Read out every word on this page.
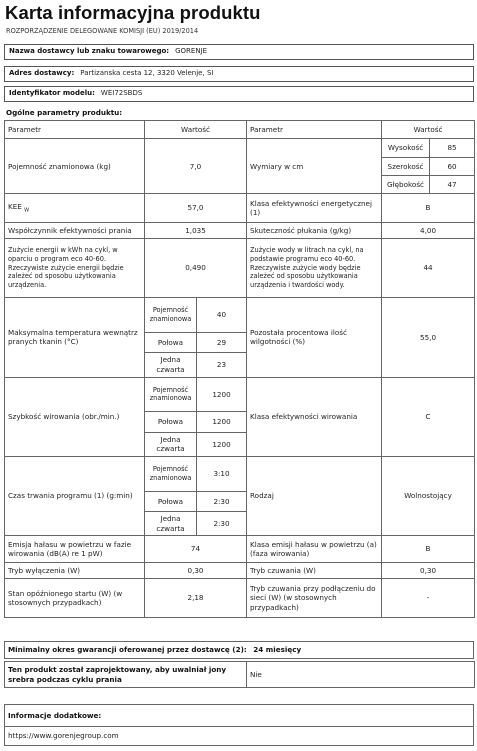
Karta informacyjna produktu
ROZPORZĄDZENIE DELEGOWANE KOMISJI (EU) 2019/2014
Nazwa dostawcy lub znaku towarowego: GORENJE
Adres dostawcy: Partizanska cesta 12, 3320 Velenje, SI
Identyfikator modelu: WEI72SBDS
Ogólne parametry produktu:
Parametr	Wartość		Parametr	Wartość	
Pojemność znamionowa (kg)	7,0		Wymiary w cm	Wysokość	85
				Szerokość	60
				Głębokość	47
KEE $_W$	57,0		Klasa efektywności energetycznej (1)	B	
Współczynnik efektywności prania	1,035		Skuteczność płukania (g/kg)	4,00	
Zużycie energii w kWh na cykl, w oparciu o program eco 40-60. Rzeczywiste zużycie energii będzie zależeć od sposobu użytkowania urządzenia.	0,490		Zużycie wody w litrach na cykl, na podstawie programu eco 40-60. Rzeczywiste zużycie wody będzie zależeć od sposobu użytkowania urządzenia i twardości wody.	44	
Maksymalna temperatura wewnątrz pranych tkanin (°C)	Pojemność znamionowa	40	Pozostała procentowa ilość wilgotności (%)	55,0	
	Połowa	29			
	Jedna czwarta	23			
Szybkość wirowania (obr./min.)	Pojemność znamionowa	1200	Klasa efektywności wirowania	C	
	Połowa	1200			
	Jedna czwarta	1200			
Czas trwania programu (1) (g:min)	Pojemność znamionowa	3:10	Rodzaj	Wolnostojący	
	Połowa	2:30			
	Jedna czwarta	2:30			
Emisja hałasu w powietrzu w fazie wirowania (dB(A) re 1 pW)	74		Klasa emisji hałasu w powietrzu (a) (faza wirowania)	B	
Tryb wyłączenia (W)	0,30		Tryb czuwania (W)	0,30	
Stan opóźnionego startu (W) (w stosownych przypadkach)	2,18		Tryb czuwania przy podłączeniu do sieci (W) (w stosownych przypadkach)	-	
Minimalny okres gwarancji oferowanej przez dostawcę (2): 24 miesięcy
Ten produkt został zaprojektowany, aby uwalniał jony srebra podczas cyklu prania	Nie
Informacje dodatkowe:
https://www.gorenjegroup.com
